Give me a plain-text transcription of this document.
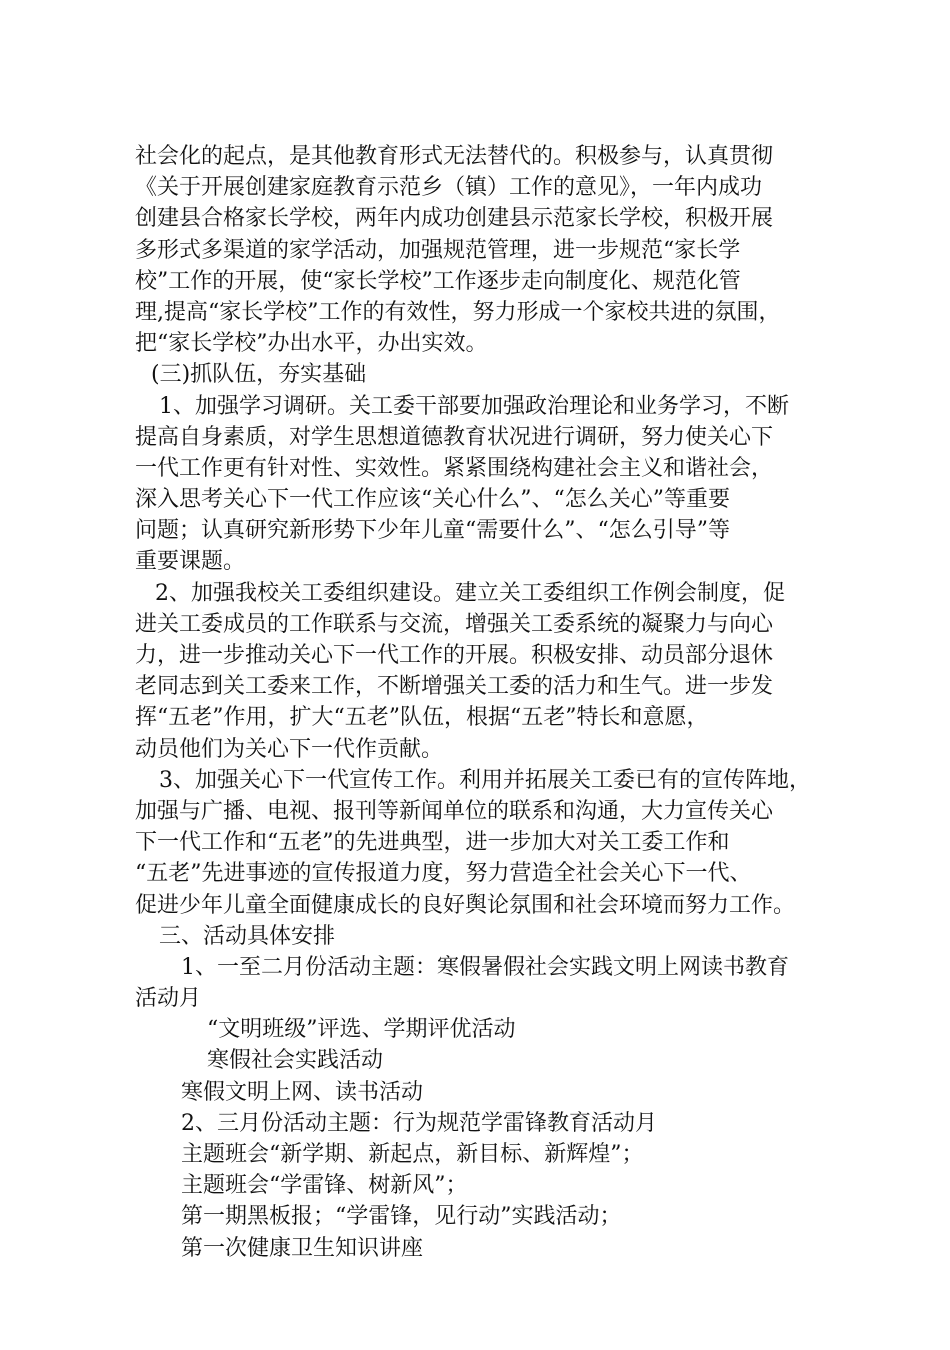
社会化的起点，是其他教育形式无法替代的。积极参与，认真贯彻
《关于开展创建家庭教育示范乡（镇）工作的意见》，一年内成功
创建县合格家长学校，两年内成功创建县示范家长学校，积极开展
多形式多渠道的家学活动，加强规范管理，进一步规范“家长学
校”工作的开展，使“家长学校”工作逐步走向制度化、规范化管
理,提高“家长学校”工作的有效性，努力形成一个家校共进的氛围，
把“家长学校”办出水平，办出实效。
(三)抓队伍，夯实基础
1、加强学习调研。关工委干部要加强政治理论和业务学习，不断
提高自身素质，对学生思想道德教育状况进行调研，努力使关心下
一代工作更有针对性、实效性。紧紧围绕构建社会主义和谐社会，
深入思考关心下一代工作应该“关心什么”、“怎么关心”等重要
问题；认真研究新形势下少年儿童“需要什么”、“怎么引导”等
重要课题。
2、加强我校关工委组织建设。建立关工委组织工作例会制度，促
进关工委成员的工作联系与交流，增强关工委系统的凝聚力与向心
力，进一步推动关心下一代工作的开展。积极安排、动员部分退休
老同志到关工委来工作，不断增强关工委的活力和生气。进一步发
挥“五老”作用，扩大“五老”队伍，根据“五老”特长和意愿，
动员他们为关心下一代作贡献。
3、加强关心下一代宣传工作。利用并拓展关工委已有的宣传阵地，
加强与广播、电视、报刊等新闻单位的联系和沟通，大力宣传关心
下一代工作和“五老”的先进典型，进一步加大对关工委工作和
“五老”先进事迹的宣传报道力度，努力营造全社会关心下一代、
促进少年儿童全面健康成长的良好舆论氛围和社会环境而努力工作。
三、活动具体安排
1、一至二月份活动主题：寒假暑假社会实践文明上网读书教育
活动月
“文明班级”评选、学期评优活动
寒假社会实践活动
寒假文明上网、读书活动
2、三月份活动主题：行为规范学雷锋教育活动月
主题班会“新学期、新起点，新目标、新辉煌”；
主题班会“学雷锋、树新风”；
第一期黑板报；“学雷锋，见行动”实践活动；
第一次健康卫生知识讲座
